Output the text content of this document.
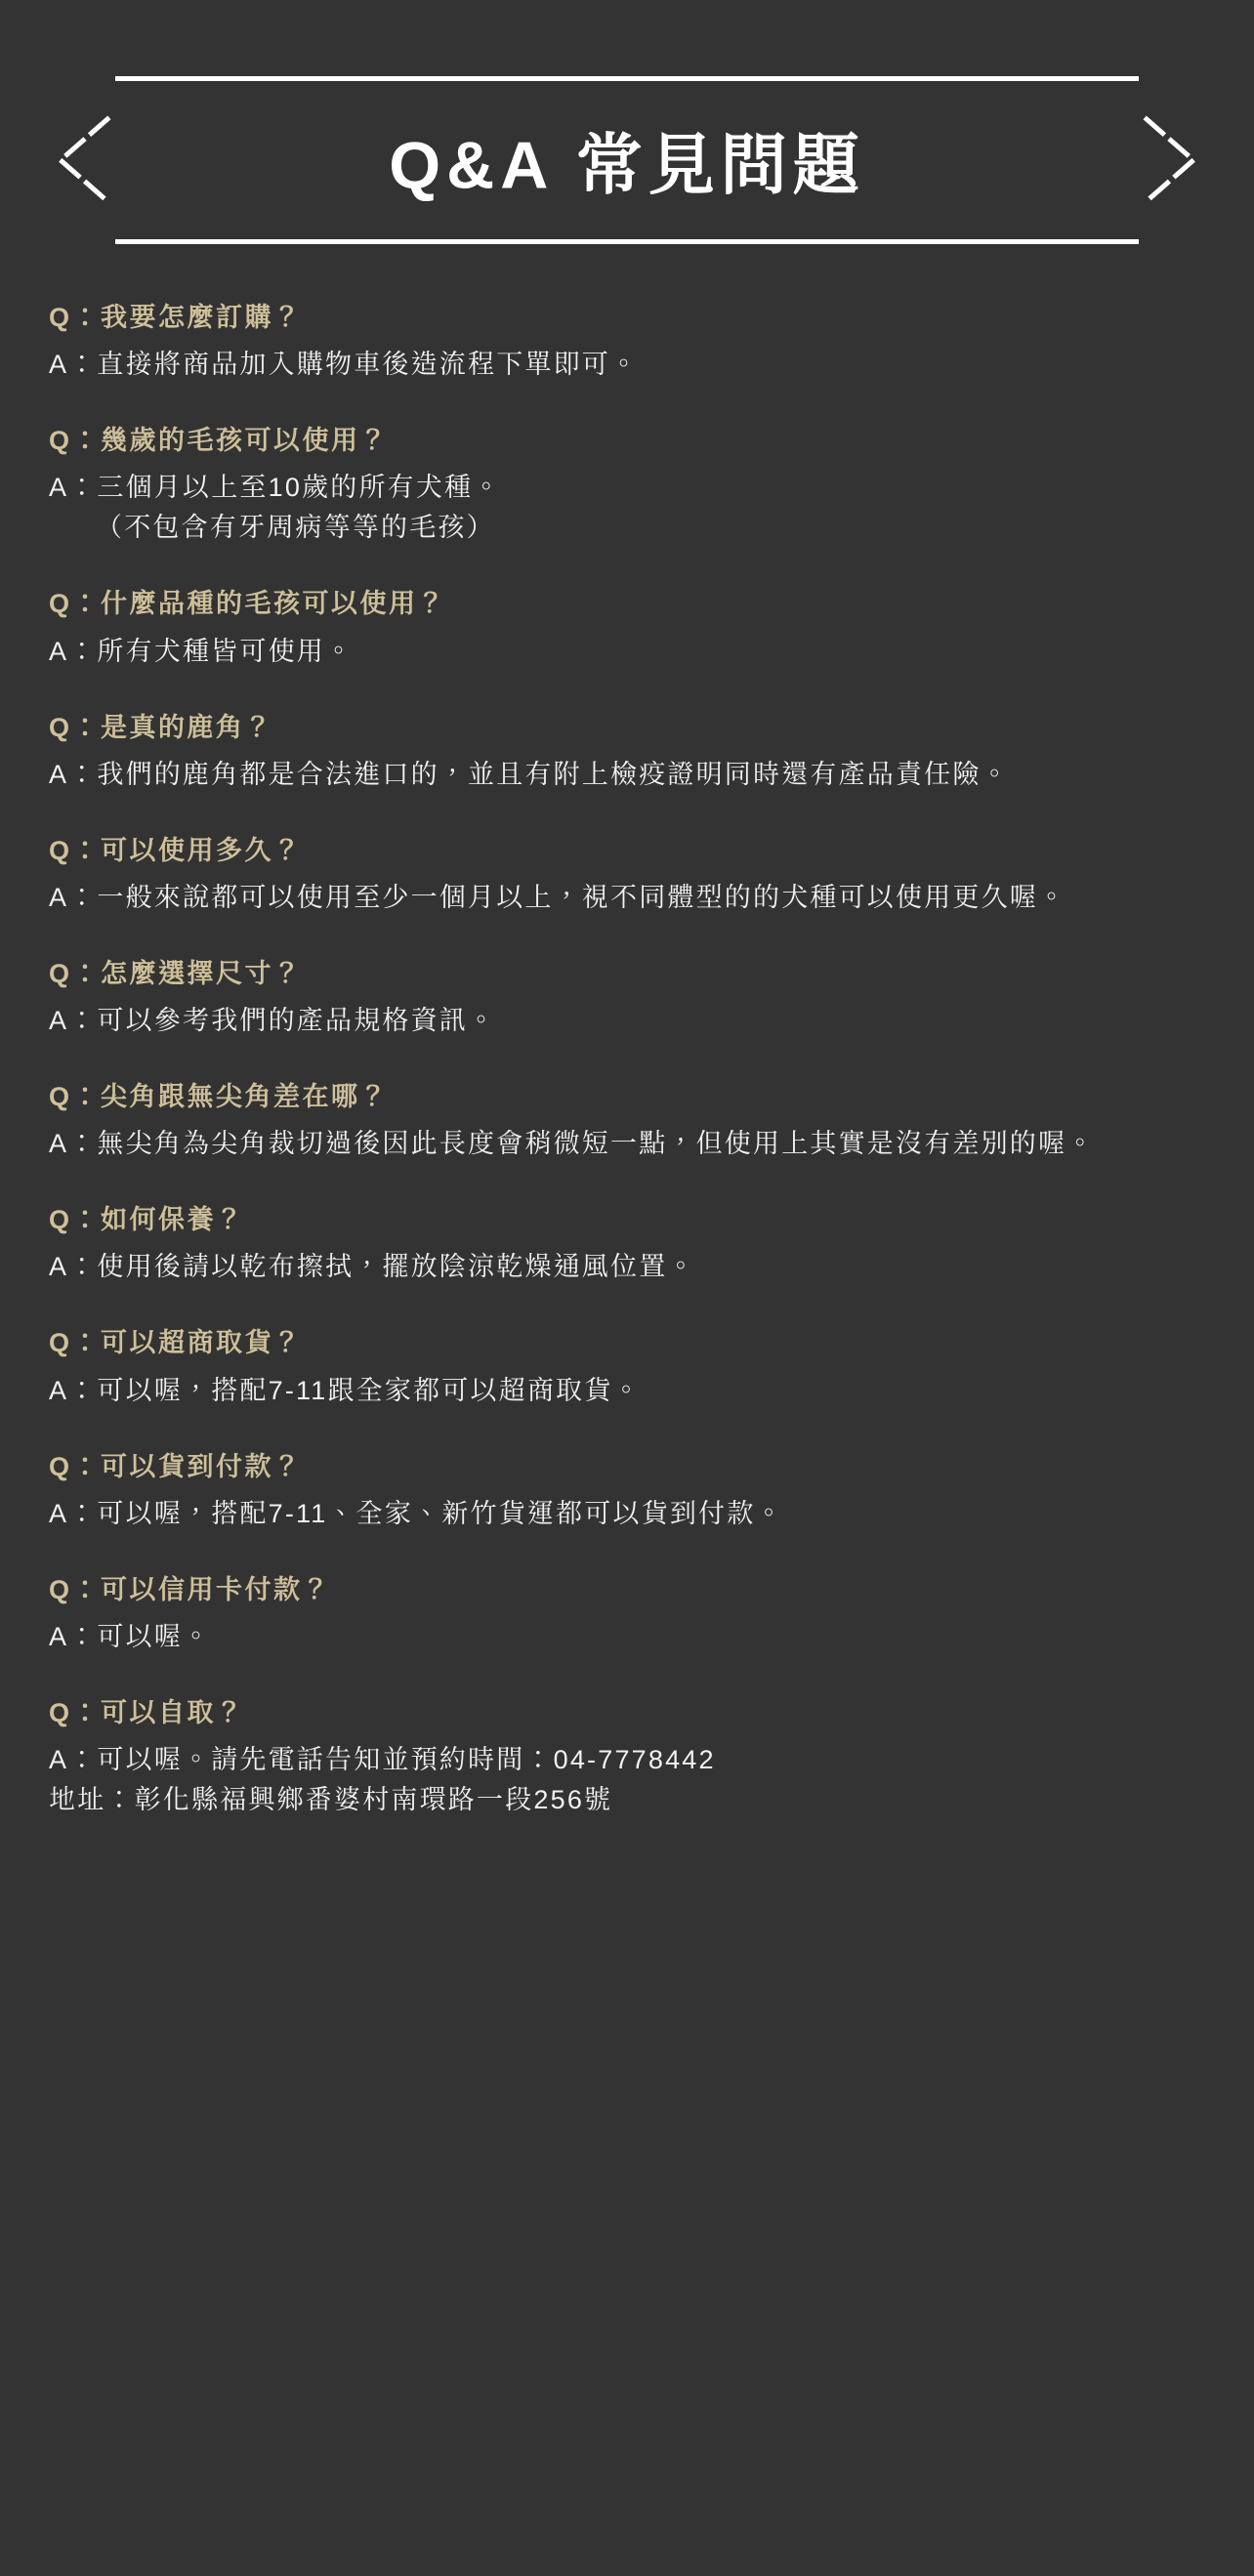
Q&A 常見問題

Q：我要怎麼訂購？

A：直接將商品加入購物車後造流程下單即可。

Q：幾歲的毛孩可以使用？

A：三個月以上至10歲的所有犬種。
（不包含有牙周病等等的毛孩）

Q：什麼品種的毛孩可以使用？

A：所有犬種皆可使用。

Q：是真的鹿角？

A：我們的鹿角都是合法進口的，並且有附上檢疫證明同時還有產品責任險。

Q：可以使用多久？

A：一般來說都可以使用至少一個月以上，視不同體型的的犬種可以使用更久喔。

Q：怎麼選擇尺寸？

A：可以參考我們的產品規格資訊。

Q：尖角跟無尖角差在哪？

A：無尖角為尖角裁切過後因此長度會稍微短一點，但使用上其實是沒有差別的喔。

Q：如何保養？

A：使用後請以乾布擦拭，擺放陰涼乾燥通風位置。

Q：可以超商取貨？

A：可以喔，搭配7-11跟全家都可以超商取貨。

Q：可以貨到付款？

A：可以喔，搭配7-11、全家、新竹貨運都可以貨到付款。

Q：可以信用卡付款？

A：可以喔。

Q：可以自取？

A：可以喔。請先電話告知並預約時間：04-7778442
地址：彰化縣福興鄉番婆村南環路一段256號
